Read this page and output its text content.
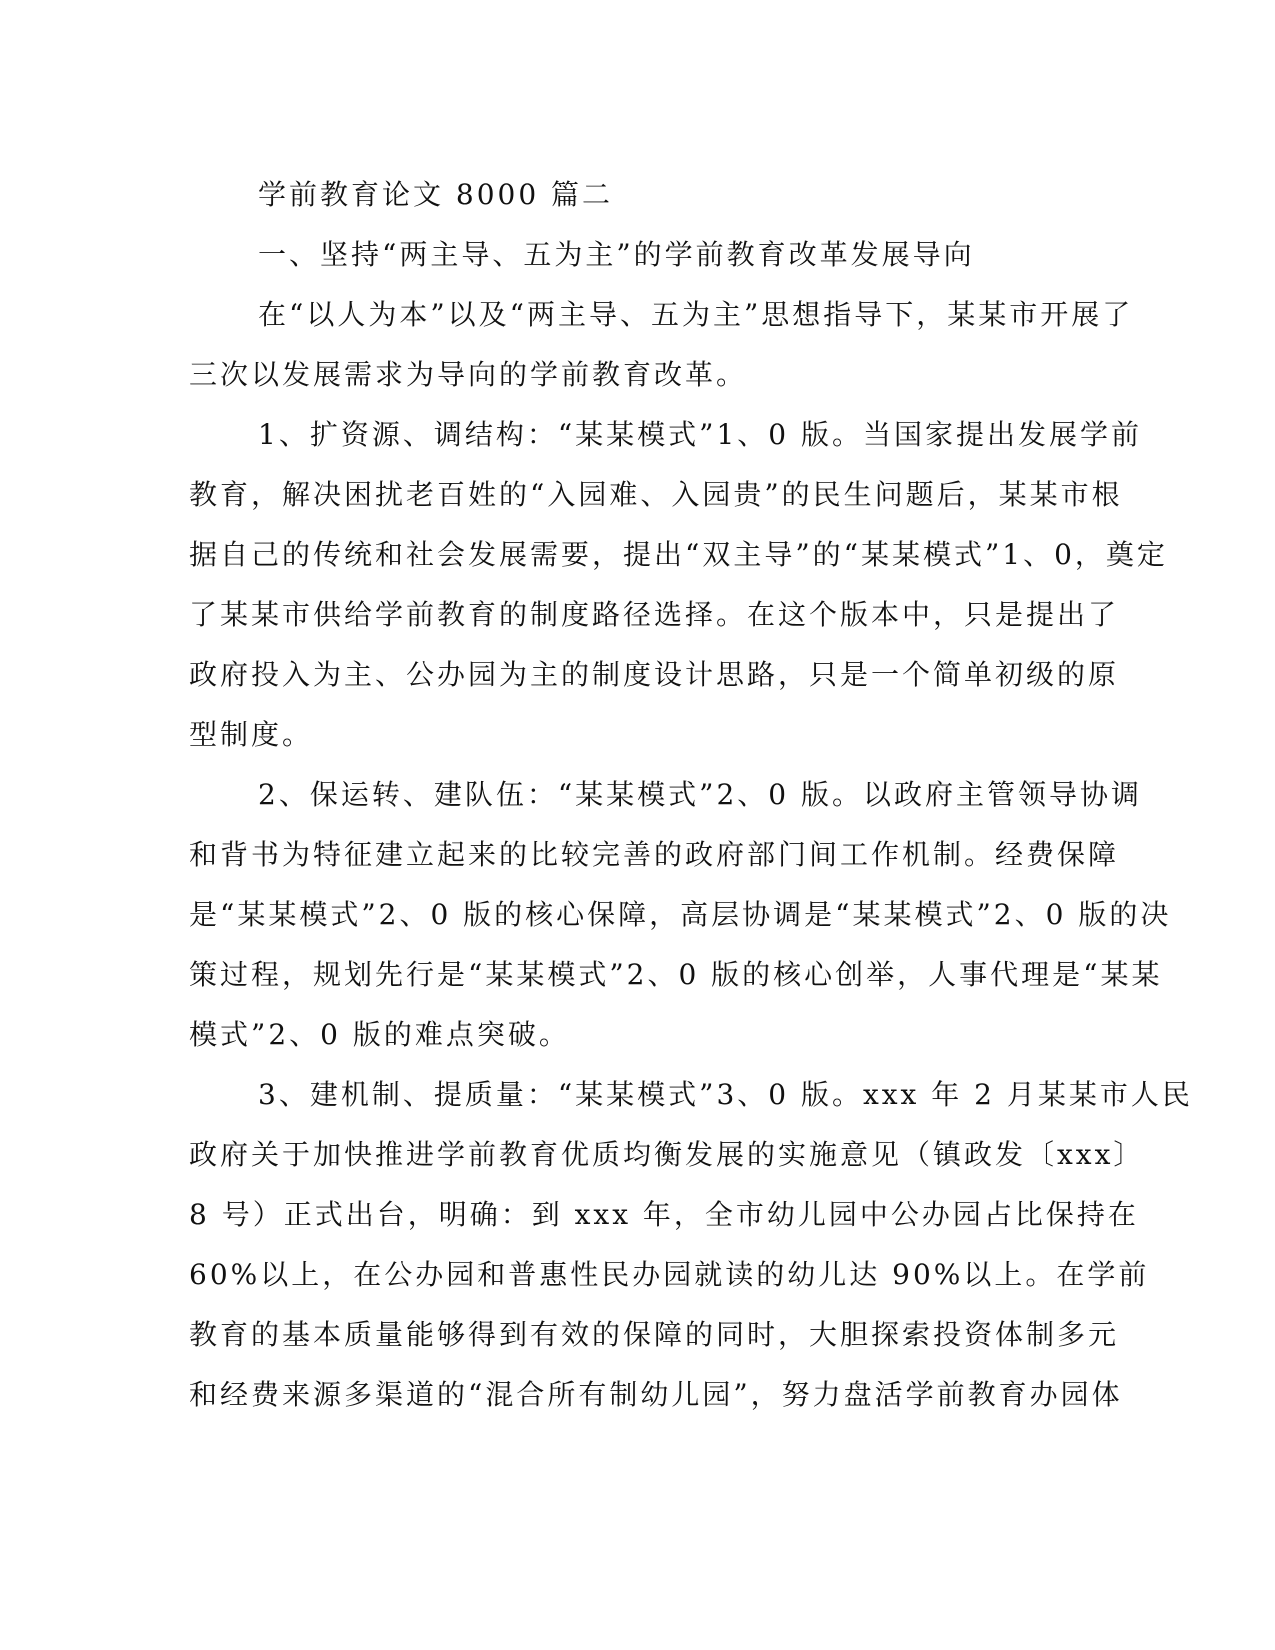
学前教育论文 8000 篇二
一、坚持“两主导、五为主”的学前教育改革发展导向
在“以人为本”以及“两主导、五为主”思想指导下，某某市开展了
三次以发展需求为导向的学前教育改革。
1、扩资源、调结构：“某某模式”1、0 版。当国家提出发展学前
教育，解决困扰老百姓的“入园难、入园贵”的民生问题后，某某市根
据自己的传统和社会发展需要，提出“双主导”的“某某模式”1、0，奠定
了某某市供给学前教育的制度路径选择。在这个版本中，只是提出了
政府投入为主、公办园为主的制度设计思路，只是一个简单初级的原
型制度。
2、保运转、建队伍：“某某模式”2、0 版。以政府主管领导协调
和背书为特征建立起来的比较完善的政府部门间工作机制。经费保障
是“某某模式”2、0 版的核心保障，高层协调是“某某模式”2、0 版的决
策过程，规划先行是“某某模式”2、0 版的核心创举，人事代理是“某某
模式”2、0 版的难点突破。
3、建机制、提质量：“某某模式”3、0 版。xxx 年 2 月某某市人民
政府关于加快推进学前教育优质均衡发展的实施意见（镇政发〔xxx〕
8 号）正式出台，明确：到 xxx 年，全市幼儿园中公办园占比保持在
60%以上，在公办园和普惠性民办园就读的幼儿达 90%以上。在学前
教育的基本质量能够得到有效的保障的同时，大胆探索投资体制多元
和经费来源多渠道的“混合所有制幼儿园”，努力盘活学前教育办园体
